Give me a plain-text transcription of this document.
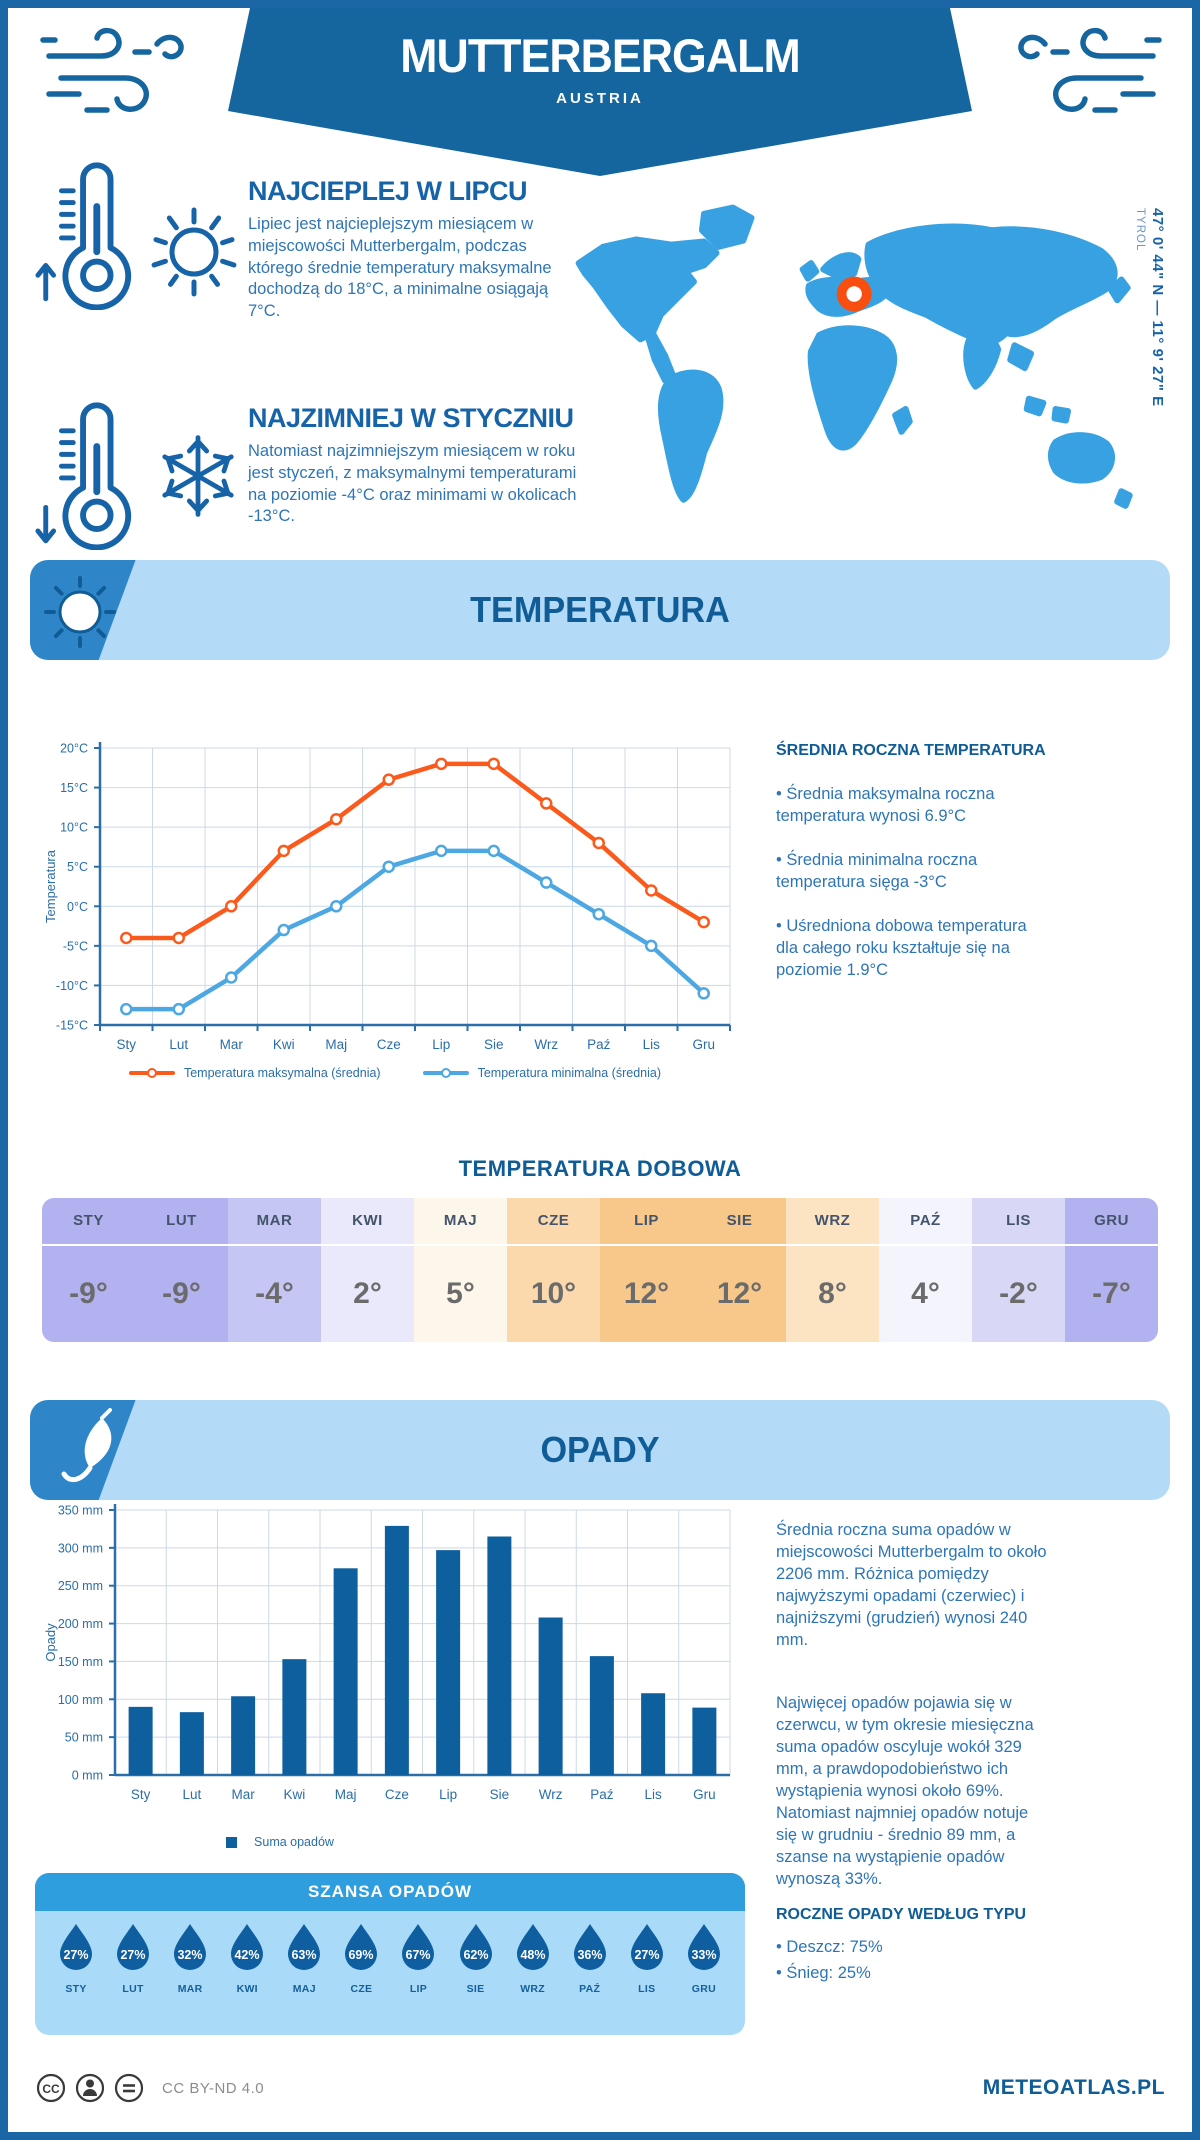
MUTTERBERGALM
AUSTRIA
NAJCIEPLEJ W LIPCU
Lipiec jest najcieplejszym miesiącem w miejscowości Mutterbergalm, podczas którego średnie temperatury maksymalne dochodzą do 18°C, a minimalne osiągają 7°C.
NAJZIMNIEJ W STYCZNIU
Natomiast najzimniejszym miesiącem w roku jest styczeń, z maksymalnymi temperaturami na poziomie -4°C oraz minimami w okolicach -13°C.
TYROL 47° 0' 44" N — 11° 9' 27" E
TEMPERATURA
-15°C
-10°C
-5°C
0°C
5°C
10°C
15°C
20°C
Sty Lut Mar Kwi Maj Cze Lip Sie Wrz Paź Lis Gru
Temperatura
Temperatura maksymalna (średnia)	Temperatura minimalna (średnia)
ŚREDNIA ROCZNA TEMPERATURA
• Średnia maksymalna roczna temperatura wynosi 6.9°C
• Średnia minimalna roczna temperatura sięga -3°C
• Uśredniona dobowa temperatura dla całego roku kształtuje się na poziomie 1.9°C
TEMPERATURA DOBOWA
STY
-9°
LUT
-9°
MAR
-4°
KWI
2°
MAJ
5°
CZE
10°
LIP
12°
SIE
12°
WRZ
8°
PAŹ
4°
LIS
-2°
GRU
-7°
OPADY
0 mm
50 mm
100 mm
150 mm
200 mm
250 mm
300 mm
350 mm
Sty Lut Mar Kwi Maj Cze Lip Sie Wrz Paź Lis Gru
Opady
Suma opadów
Średnia roczna suma opadów w miejscowości Mutterbergalm to około 2206 mm. Różnica pomiędzy najwyższymi opadami (czerwiec) i najniższymi (grudzień) wynosi 240 mm.
Najwięcej opadów pojawia się w czerwcu, w tym okresie miesięczna suma opadów oscyluje wokół 329 mm, a prawdopodobieństwo ich wystąpienia wynosi około 69%. Natomiast najmniej opadów notuje się w grudniu - średnio 89 mm, a szanse na wystąpienie opadów wynoszą 33%.
ROCZNE OPADY WEDŁUG TYPU
• Deszcz: 75%
• Śnieg: 25%
SZANSA OPADÓW
27%
STY
27%
LUT
32%
MAR
42%
KWI
63%
MAJ
69%
CZE
67%
LIP
62%
SIE
48%
WRZ
36%
PAŹ
27%
LIS
33%
GRU
CC	CC BY-ND 4.0	METEOATLAS.PL
